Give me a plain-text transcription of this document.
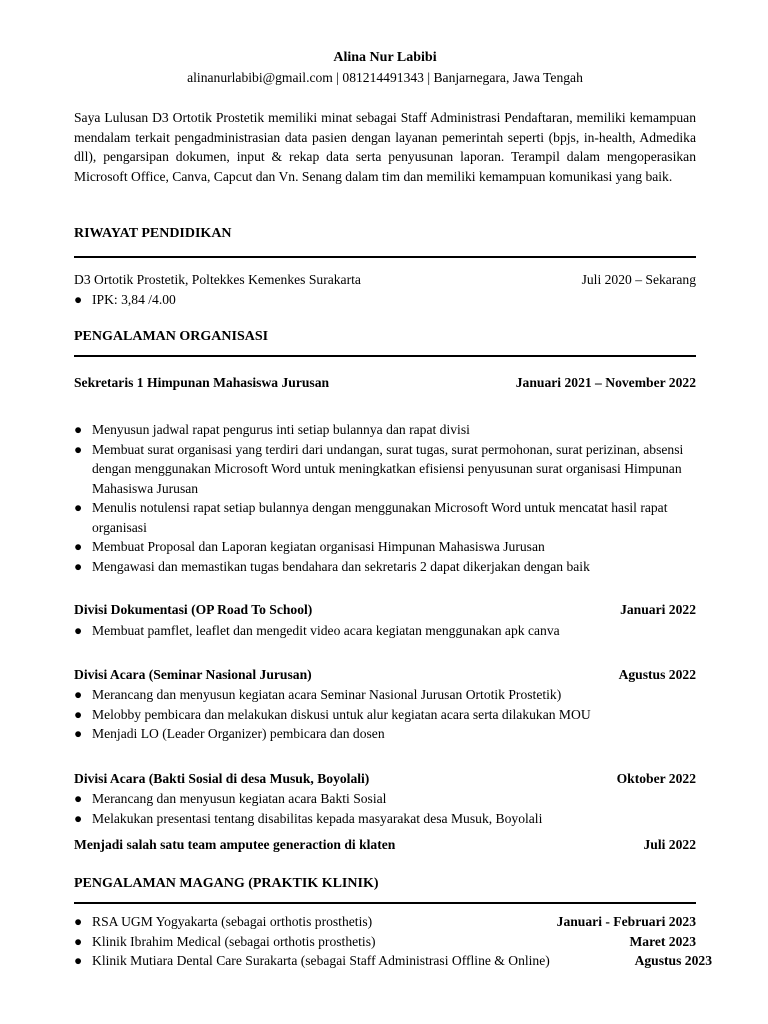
Alina Nur Labibi
alinanurlabibi@gmail.com | 081214491343 | Banjarnegara, Jawa Tengah
Saya Lulusan D3 Ortotik Prostetik memiliki minat sebagai Staff Administrasi Pendaftaran, memiliki kemampuan mendalam terkait pengadministrasian data pasien dengan layanan pemerintah seperti (bpjs, in-health, Admedika dll), pengarsipan dokumen, input & rekap data serta penyusunan laporan. Terampil dalam mengoperasikan Microsoft Office, Canva, Capcut dan Vn. Senang dalam tim dan memiliki kemampuan komunikasi yang baik.
RIWAYAT PENDIDIKAN
D3 Ortotik Prostetik, Poltekkes Kemenkes Surakarta	Juli 2020 – Sekarang
● IPK: 3,84 /4.00
PENGALAMAN ORGANISASI
Sekretaris 1 Himpunan Mahasiswa Jurusan	Januari 2021 – November 2022
● Menyusun jadwal rapat pengurus inti setiap bulannya dan rapat divisi
● Membuat surat organisasi yang terdiri dari undangan, surat tugas, surat permohonan, surat perizinan, absensi dengan menggunakan Microsoft Word untuk meningkatkan efisiensi penyusunan surat organisasi Himpunan Mahasiswa Jurusan
● Menulis notulensi rapat setiap bulannya dengan menggunakan Microsoft Word untuk mencatat hasil rapat organisasi
● Membuat Proposal dan Laporan kegiatan organisasi Himpunan Mahasiswa Jurusan
● Mengawasi dan memastikan tugas bendahara dan sekretaris 2 dapat dikerjakan dengan baik
Divisi Dokumentasi (OP Road To School)	Januari 2022
● Membuat pamflet, leaflet dan mengedit video acara kegiatan menggunakan apk canva
Divisi Acara (Seminar Nasional Jurusan)	Agustus 2022
● Merancang dan menyusun kegiatan acara Seminar Nasional Jurusan Ortotik Prostetik)
● Melobby pembicara dan melakukan diskusi untuk alur kegiatan acara serta dilakukan MOU
● Menjadi LO (Leader Organizer) pembicara dan dosen
Divisi Acara (Bakti Sosial di desa Musuk, Boyolali)	Oktober 2022
● Merancang dan menyusun kegiatan acara Bakti Sosial
● Melakukan presentasi tentang disabilitas kepada masyarakat desa Musuk, Boyolali
Menjadi salah satu team amputee generaction di klaten	Juli 2022
PENGALAMAN MAGANG (PRAKTIK KLINIK)
● RSA UGM Yogyakarta (sebagai orthotis prosthetis)	Januari - Februari 2023
● Klinik Ibrahim Medical (sebagai orthotis prosthetis)	Maret 2023
● Klinik Mutiara Dental Care Surakarta (sebagai Staff Administrasi Offline & Online)	Agustus 2023
